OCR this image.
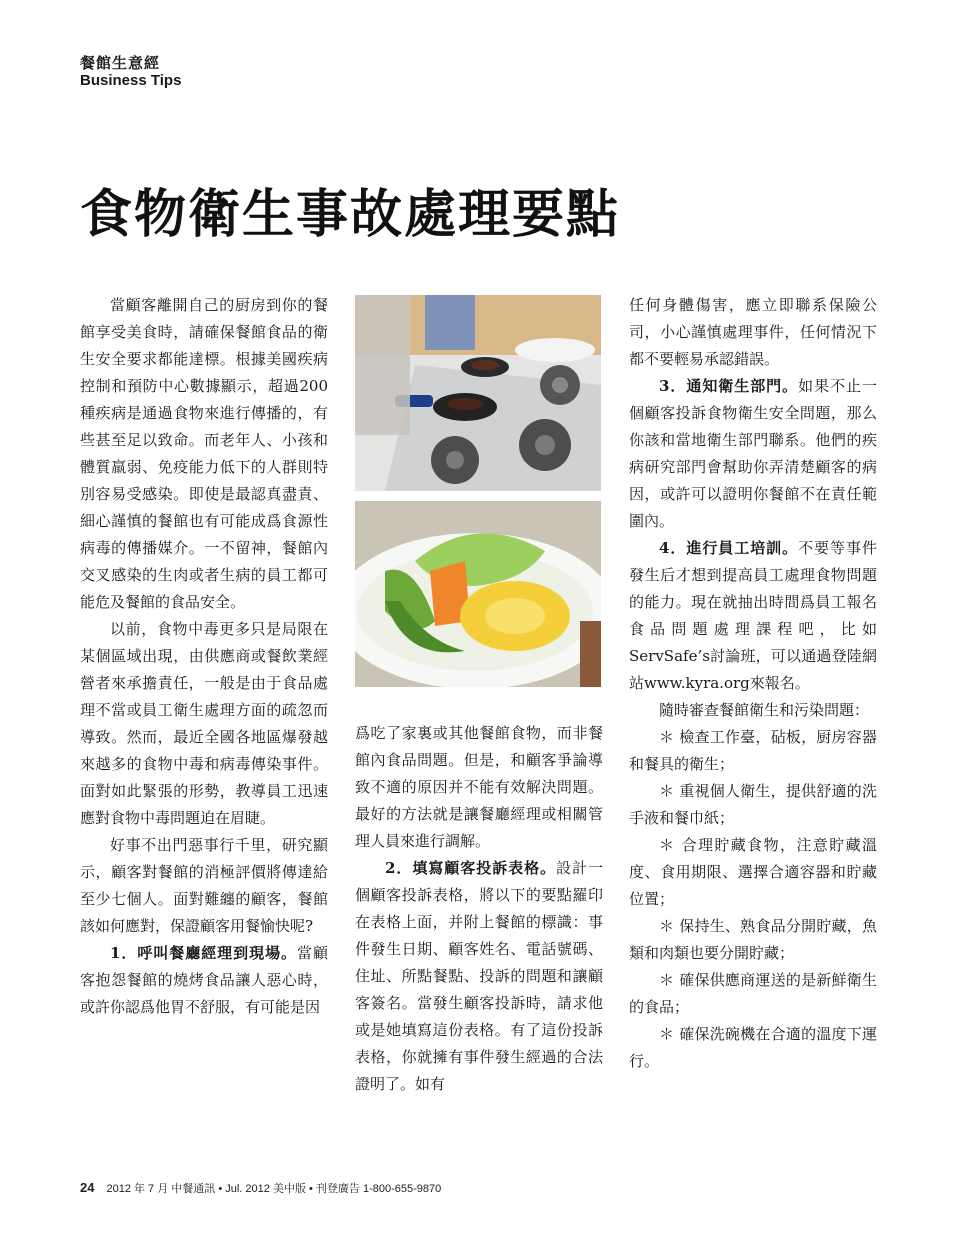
餐館生意經
Business Tips
食物衛生事故處理要點

當顧客離開自己的厨房到你的餐館享受美食時，請確保餐館食品的衛生安全要求都能達標。根據美國疾病控制和預防中心數據顯示，超過200種疾病是通過食物來進行傳播的，有些甚至足以致命。而老年人、小孩和體質羸弱、免疫能力低下的人群則特別容易受感染。即使是最認真盡責、細心謹慎的餐館也有可能成爲食源性病毒的傳播媒介。一不留神，餐館內交叉感染的生肉或者生病的員工都可能危及餐館的食品安全。

以前，食物中毒更多只是局限在某個區域出現，由供應商或餐飲業經營者來承擔責任，一般是由于食品處理不當或員工衛生處理方面的疏忽而導致。然而，最近全國各地區爆發越來越多的食物中毒和病毒傳染事件。面對如此緊張的形勢，教導員工迅速應對食物中毒問題迫在眉睫。

好事不出門惡事行千里，研究顯示，顧客對餐館的消極評價將傳達給至少七個人。面對難纏的顧客，餐館該如何應對，保證顧客用餐愉快呢?

1．呼叫餐廳經理到現場。當顧客抱怨餐館的燒烤食品讓人惡心時，或許你認爲他胃不舒服，有可能是因

爲吃了家裏或其他餐館食物，而非餐館內食品問題。但是，和顧客爭論導致不適的原因并不能有效解決問題。最好的方法就是讓餐廳經理或相關管理人員來進行調解。

2．填寫顧客投訴表格。設計一個顧客投訴表格，將以下的要點羅印在表格上面，并附上餐館的標識：事件發生日期、顧客姓名、電話號碼、住址、所點餐點、投訴的問題和讓顧客簽名。當發生顧客投訴時，請求他或是她填寫這份表格。有了這份投訴表格，你就擁有事件發生經過的合法證明了。如有

任何身體傷害，應立即聯系保險公司，小心謹慎處理事件，任何情況下都不要輕易承認錯誤。

3．通知衛生部門。如果不止一個顧客投訴食物衛生安全問題，那么你該和當地衛生部門聯系。他們的疾病研究部門會幫助你弄清楚顧客的病因，或許可以證明你餐館不在責任範圍內。

4．進行員工培訓。不要等事件發生后才想到提高員工處理食物問題的能力。現在就抽出時間爲員工報名食品問題處理課程吧，比如ServSafe’s討論班，可以通過登陸網站www.kyra.org來報名。

隨時審查餐館衛生和污染問題：

＊ 檢查工作臺，砧板，厨房容器和餐具的衛生；

＊ 重視個人衛生，提供舒適的洗手液和餐巾紙；

＊ 合理貯藏食物，注意貯藏溫度、食用期限、選擇合適容器和貯藏位置；

＊ 保持生、熟食品分開貯藏，魚類和肉類也要分開貯藏；

＊ 確保供應商運送的是新鮮衛生的食品；

＊ 確保洗碗機在合適的溫度下運行。

24 2012 年 7 月 中餐通訊 • Jul. 2012 美中版 • 刊登廣告 1-800-655-9870
